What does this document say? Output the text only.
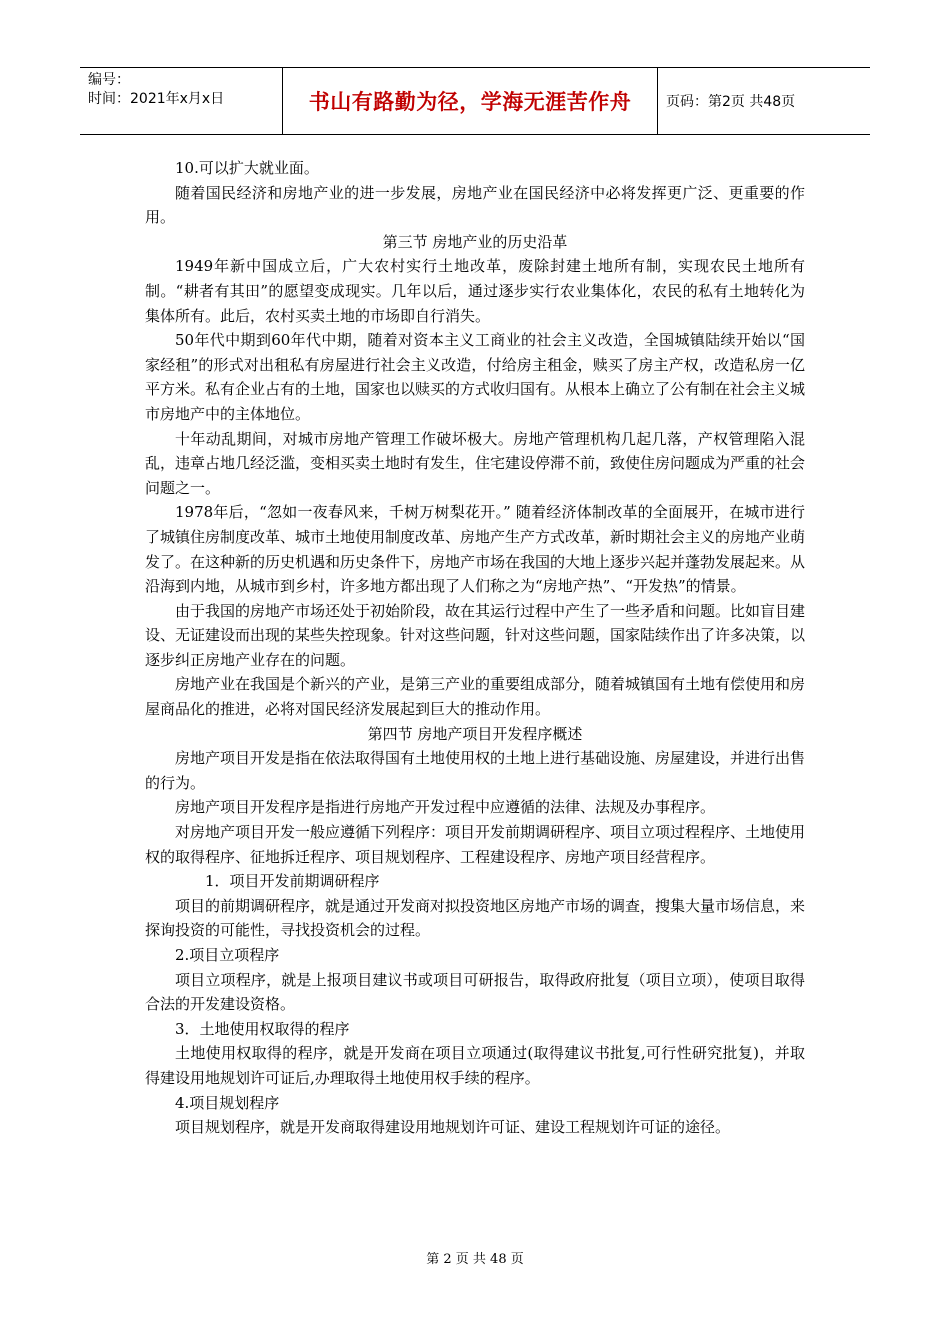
编号：
时间：2021年x月x日	书山有路勤为径，学海无涯苦作舟	页码：第2页 共48页

10.可以扩大就业面。

随着国民经济和房地产业的进一步发展，房地产业在国民经济中必将发挥更广泛、更重要的作用。

第三节 房地产业的历史沿革

1949年新中国成立后，广大农村实行土地改革，废除封建土地所有制，实现农民土地所有制。“耕者有其田”的愿望变成现实。几年以后，通过逐步实行农业集体化，农民的私有土地转化为集体所有。此后，农村买卖土地的市场即自行消失。

50年代中期到60年代中期，随着对资本主义工商业的社会主义改造，全国城镇陆续开始以“国家经租”的形式对出租私有房屋进行社会主义改造，付给房主租金，赎买了房主产权，改造私房一亿平方米。私有企业占有的土地，国家也以赎买的方式收归国有。从根本上确立了公有制在社会主义城市房地产中的主体地位。

十年动乱期间，对城市房地产管理工作破坏极大。房地产管理机构几起几落，产权管理陷入混乱，违章占地几经泛滥，变相买卖土地时有发生，住宅建设停滞不前，致使住房问题成为严重的社会问题之一。

1978年后，“忽如一夜春风来，千树万树梨花开。” 随着经济体制改革的全面展开，在城市进行了城镇住房制度改革、城市土地使用制度改革、房地产生产方式改革，新时期社会主义的房地产业萌发了。在这种新的历史机遇和历史条件下，房地产市场在我国的大地上逐步兴起并蓬勃发展起来。从沿海到内地，从城市到乡村，许多地方都出现了人们称之为“房地产热”、“开发热”的情景。

由于我国的房地产市场还处于初始阶段，故在其运行过程中产生了一些矛盾和问题。比如盲目建设、无证建设而出现的某些失控现象。针对这些问题，针对这些问题，国家陆续作出了许多决策，以逐步纠正房地产业存在的问题。

房地产业在我国是个新兴的产业，是第三产业的重要组成部分，随着城镇国有土地有偿使用和房屋商品化的推进，必将对国民经济发展起到巨大的推动作用。

第四节 房地产项目开发程序概述

房地产项目开发是指在依法取得国有土地使用权的土地上进行基础设施、房屋建设，并进行出售的行为。

房地产项目开发程序是指进行房地产开发过程中应遵循的法律、法规及办事程序。

对房地产项目开发一般应遵循下列程序：项目开发前期调研程序、项目立项过程程序、土地使用权的取得程序、征地拆迁程序、项目规划程序、工程建设程序、房地产项目经营程序。

1．项目开发前期调研程序

项目的前期调研程序，就是通过开发商对拟投资地区房地产市场的调查，搜集大量市场信息，来探询投资的可能性，寻找投资机会的过程。

2.项目立项程序

项目立项程序，就是上报项目建议书或项目可研报告，取得政府批复（项目立项），使项目取得合法的开发建设资格。

3．土地使用权取得的程序

土地使用权取得的程序，就是开发商在项目立项通过(取得建议书批复,可行性研究批复)，并取得建设用地规划许可证后,办理取得土地使用权手续的程序。

4.项目规划程序

项目规划程序，就是开发商取得建设用地规划许可证、建设工程规划许可证的途径。

第 2 页 共 48 页
